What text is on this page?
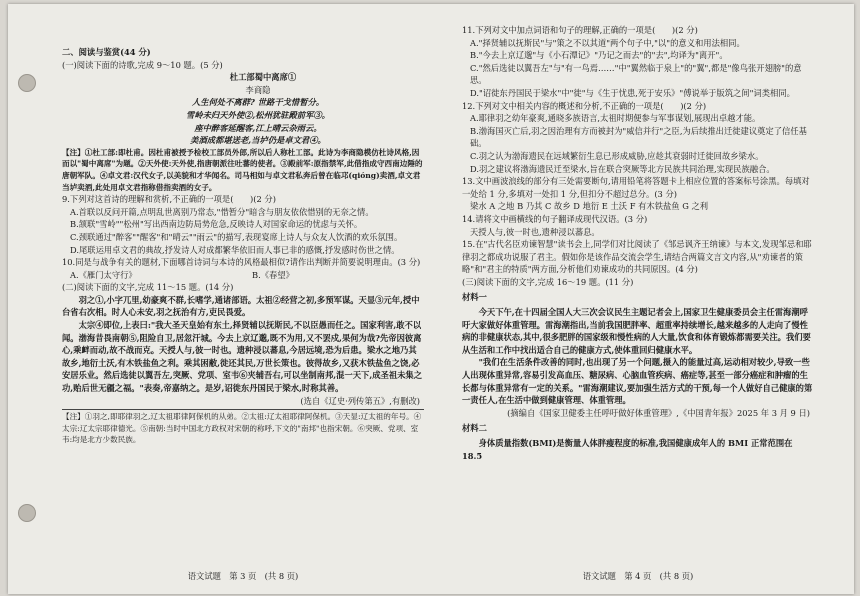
二、阅读与鉴赏(44 分)

(一)阅读下面的诗歌,完成 9～10 题。(5 分)

杜工部蜀中离席①

李商隐

人生何处不离群? 世路干戈惜暂分。

雪岭未归天外使②,松州犹驻殿前军③。

座中醉客延醒客,江上晴云杂雨云。

美酒成都堪送老,当垆仍是卓文君④。

【注】①杜工部:即杜甫。因杜甫被授予检校工部员外郎,所以后人称杜工部。此诗为李商隐模仿杜诗风格,因而以"蜀中离席"为题。②天外使:天外使,指唐朝派往吐蕃的使者。③殿前军:原指禁军,此借指成守西南边陲的唐朝军队。④卓文君:汉代女子,以美貌和才华闻名。司马相如与卓文君私奔后曾在临邛(qióng)卖酒,卓文君当垆卖酒,此处用卓文君指称借指卖酒的女子。

9.下列对这首诗的理解和赏析,不正确的一项是(　　)(2 分)

A.首联以反问开篇,点明乱世离别乃常态,"惜暂分"暗含与朋友依依惜别的无奈之情。

B.颔联"雪岭""松州"写出西南边防局势危急,反映诗人对国家命运的忧虑与关怀。

C.颈联通过"醉客""醒客"和"晴云""雨云"的描写,表现宴席上诗人与众友人饮酒的欢乐氛围。

D.尾联运用卓文君的典故,抒发诗人对成都繁华依旧而人事已非的感慨,抒发感时伤世之情。

10.同是与战争有关的题材,下面哪首诗词与本诗的风格最相似?请作出判断并简要说明理由。(3 分)

A.《雁门太守行》	B.《春望》

(二)阅读下面的文字,完成 11～15 题。(14 分)

羽之①,小字兀里,幼豪爽不群,长嗜学,通诸部语。太祖②经营之初,多预军谋。天显③元年,授中台省右次相。时人心未安,羽之抚治有方,吏民畏爱。

太宗④即位,上表曰:"我大圣天皇始有东土,择贤辅以抚斯民,不以臣愚而任之。国家利害,敢不以闻。渤海昔畏南朝⑤,阻险自卫,居忽汗城。今去上京辽邈,既不为用,又不罢戍,果何为哉?先帝因彼离心,乘衅而动,故不战而克。天授人与,彼一时也。遗种浸以蕃息,今居远境,恐为后患。梁水之地乃其故乡,地衍土沃,有木铁盐鱼之利。乘其困敝,徙还其民,万世长策也。彼得故乡,又获木铁盐鱼之饶,必安居乐业。然后选徒以翼吾左,突厥、党项、室韦⑥夹辅吾右,可以坐制南邦,混一天下,成圣祖未集之功,贻后世无疆之福。"表奏,帝嘉纳之。是岁,诏徙东丹国民于梁水,时称其善。

(选自《辽史·列传第五》,有删改)

【注】①羽之,即耶律羽之,辽太祖耶律阿保机的从弟。②太祖:辽太祖耶律阿保机。③天显:辽太祖的年号。④太宗:辽太宗耶律德光。⑤南朝:当时中国北方政权对宋朝的称呼,下文的"南邦"也指宋朝。⑥突厥、党项、室韦:均是北方少数民族。

语文试题　第 3 页　(共 8 页)

11.下列对文中加点词语和句子的理解,正确的一项是(　　)(2 分)

A."择贤辅以抚斯民"与"策之不以其道"两个句子中,"以"的意义和用法相同。

B."今去上京辽邈"与《小石潭记》"乃记之而去"的"去",均译为"离开"。

C."然后选徒以翼吾左"与"有一鸟焉……"中"翼然临于泉上"的"翼",都是"像鸟张开翅膀"的意思。

D."诏徙东丹国民于梁水"中"徙"与《生于忧患,死于安乐》"傅说举于版筑之间"词类相同。

12.下列对文中相关内容的概述和分析,不正确的一项是(　　)(2 分)

A.耶律羽之幼年豪爽,通晓多族语言,太祖时期便参与军事谋划,展现出卓越才能。

B.渤海国灭亡后,羽之因治理有方而被封为"威信并行"之臣,为后续推出迁徙建议奠定了信任基础。

C.羽之认为渤海遗民在远域繁衍生息已形成威胁,应趁其衰弱时迁徙回故乡梁水。

D.羽之建议将渤海遗民迁至梁水,旨在联合突厥等北方民族共同治理,实现民族融合。

13.文中画波浪线的部分有三处需要断句,请用铅笔将答题卡上相应位置的答案标号涂黑。每填对一处给 1 分,多填对一处扣 1 分,但扣分不超过总分。(3 分)

梁水 A 之地 B 乃其 C 故乡 D 地衍 E 土沃 F 有木铁盐鱼 G 之利

14.请将文中画横线的句子翻译成现代汉语。(3 分)

天授人与,彼一时也,遗种浸以蕃息。

15.在"古代名臣劝谏智慧"读书会上,同学们对比阅读了《邹忌讽齐王纳谏》与本文,发现邹忌和耶律羽之都成功说服了君主。假如你是该作品交流会学生,请结合两篇文言文内容,从"劝谏者的策略"和"君主的特质"两方面,分析他们劝谏成功的共同原因。(4 分)

(三)阅读下面的文字,完成 16～19 题。(11 分)

材料一

今天下午,在十四届全国人大三次会议民生主题记者会上,国家卫生健康委员会主任雷海潮呼吁大家做好体重管理。雷海潮指出,当前我国肥胖率、超重率持续增长,越来越多的人走向了慢性病的非健康状态,其中,很多肥胖的国家级和慢性病的人大量,饮食和体育锻炼都需要关注。我们要从生活和工作中找出适合自己的健康方式,使体重回归健康水平。

"我们在生活条件改善的同时,也出现了另一个问题,摄入的能量过高,运动相对较少,导致一些人出现体重异常,容易引发高血压、糖尿病、心脑血管疾病、癌症等,甚至一部分癌症和肿瘤的生长都与体重异常有一定的关系。"雷海潮建议,要加强生活方式的干预,每一个人做好自己健康的第一责任人,在生活中做到健康管理、体重管理。

(摘编自《国家卫健委主任呼吁做好体重管理》,《中国青年报》2025 年 3 月 9 日)

材料二

身体质量指数(BMI)是衡量人体胖瘦程度的标准,我国健康成年人的 BMI 正常范围在 18.5

语文试题　第 4 页　(共 8 页)
